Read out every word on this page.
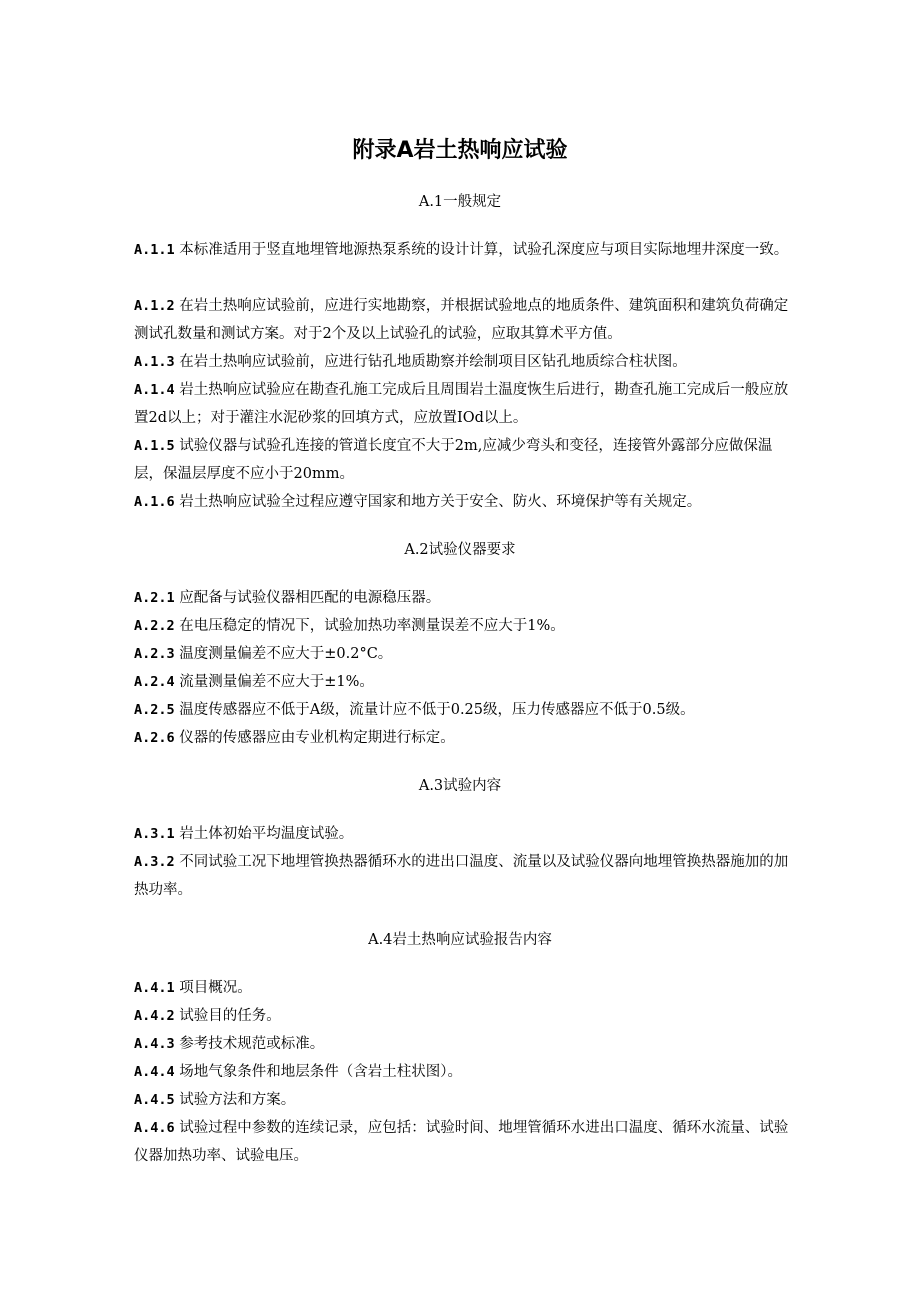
附录A岩土热响应试验
A.1一般规定

A.1.1 本标准适用于竖直地埋管地源热泵系统的设计计算，试验孔深度应与项目实际地埋井深度一致。

A.1.2 在岩土热响应试验前，应进行实地勘察，并根据试验地点的地质条件、建筑面积和建筑负荷确定测试孔数量和测试方案。对于2个及以上试验孔的试验，应取其算术平方值。

A.1.3 在岩土热响应试验前，应进行钻孔地质勘察并绘制项目区钻孔地质综合柱状图。

A.1.4 岩土热响应试验应在勘查孔施工完成后且周围岩土温度恢生后进行，勘查孔施工完成后一般应放置2d以上；对于灌注水泥砂浆的回填方式，应放置IOd以上。

A.1.5 试验仪器与试验孔连接的管道长度宜不大于2m,应减少弯头和变径，连接管外露部分应做保温层，保温层厚度不应小于20mm。

A.1.6 岩土热响应试验全过程应遵守国家和地方关于安全、防火、环境保护等有关规定。

A.2试验仪器要求

A.2.1 应配备与试验仪器相匹配的电源稳压器。

A.2.2 在电压稳定的情况下，试验加热功率测量误差不应大于1%。

A.2.3 温度测量偏差不应大于±0.2°C。

A.2.4 流量测量偏差不应大于±1%。

A.2.5 温度传感器应不低于A级，流量计应不低于0.25级，压力传感器应不低于0.5级。

A.2.6 仪器的传感器应由专业机构定期进行标定。

A.3试验内容

A.3.1 岩土体初始平均温度试验。

A.3.2 不同试验工况下地埋管换热器循环水的进出口温度、流量以及试验仪器向地埋管换热器施加的加热功率。

A.4岩土热响应试验报告内容

A.4.1 项目概况。

A.4.2 试验目的任务。

A.4.3 参考技术规范或标准。

A.4.4 场地气象条件和地层条件（含岩土柱状图）。

A.4.5 试验方法和方案。

A.4.6 试验过程中参数的连续记录，应包括：试验时间、地埋管循环水进出口温度、循环水流量、试验仪器加热功率、试验电压。
